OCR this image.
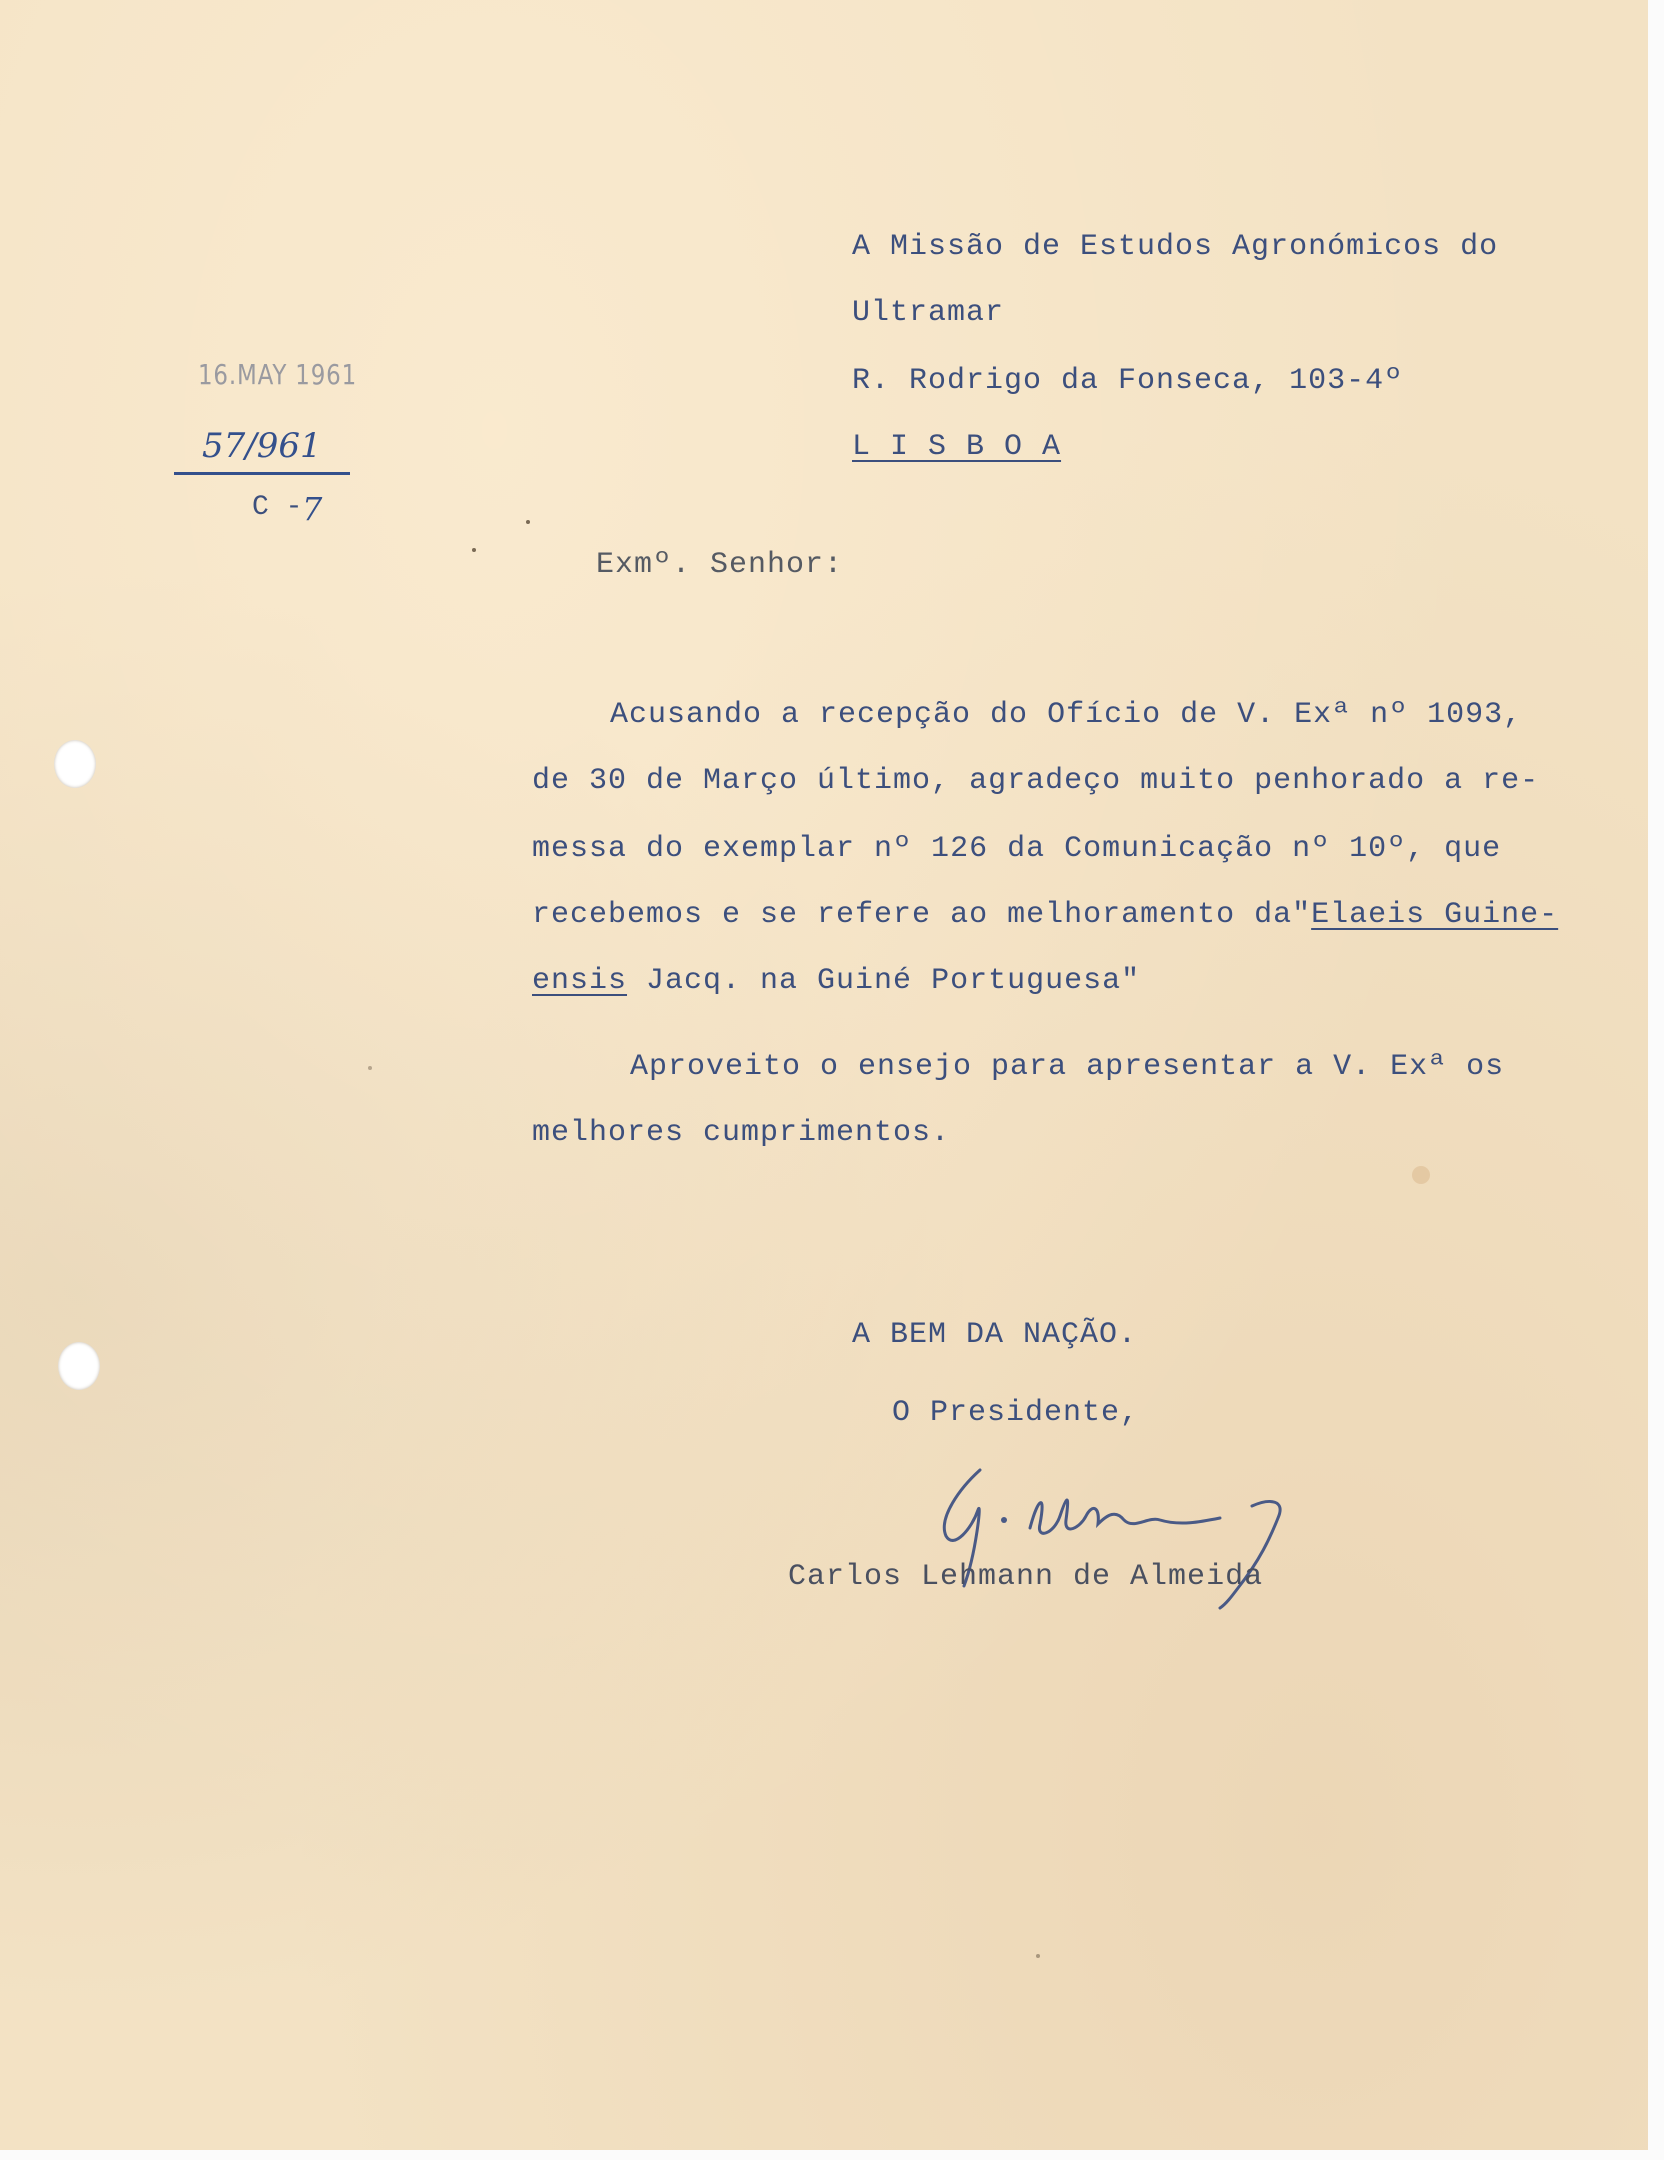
A Missão de Estudos Agronómicos do
Ultramar
R. Rodrigo da Fonseca, 103-4º
L I S B O A
16.MAY 1961
57/961
C - 7
Exmº. Senhor:
Acusando a recepção do Ofício de V. Exª nº 1093,
de 30 de Março último, agradeço muito penhorado a re-
messa do exemplar nº 126 da Comunicação nº 10º, que
recebemos e se refere ao melhoramento da"Elaeis Guine-
ensis Jacq. na Guiné Portuguesa"
Aproveito o ensejo para apresentar a V. Exª os
melhores cumprimentos.
A BEM DA NAÇÃO.
O Presidente,
Carlos Lehmann de Almeida
